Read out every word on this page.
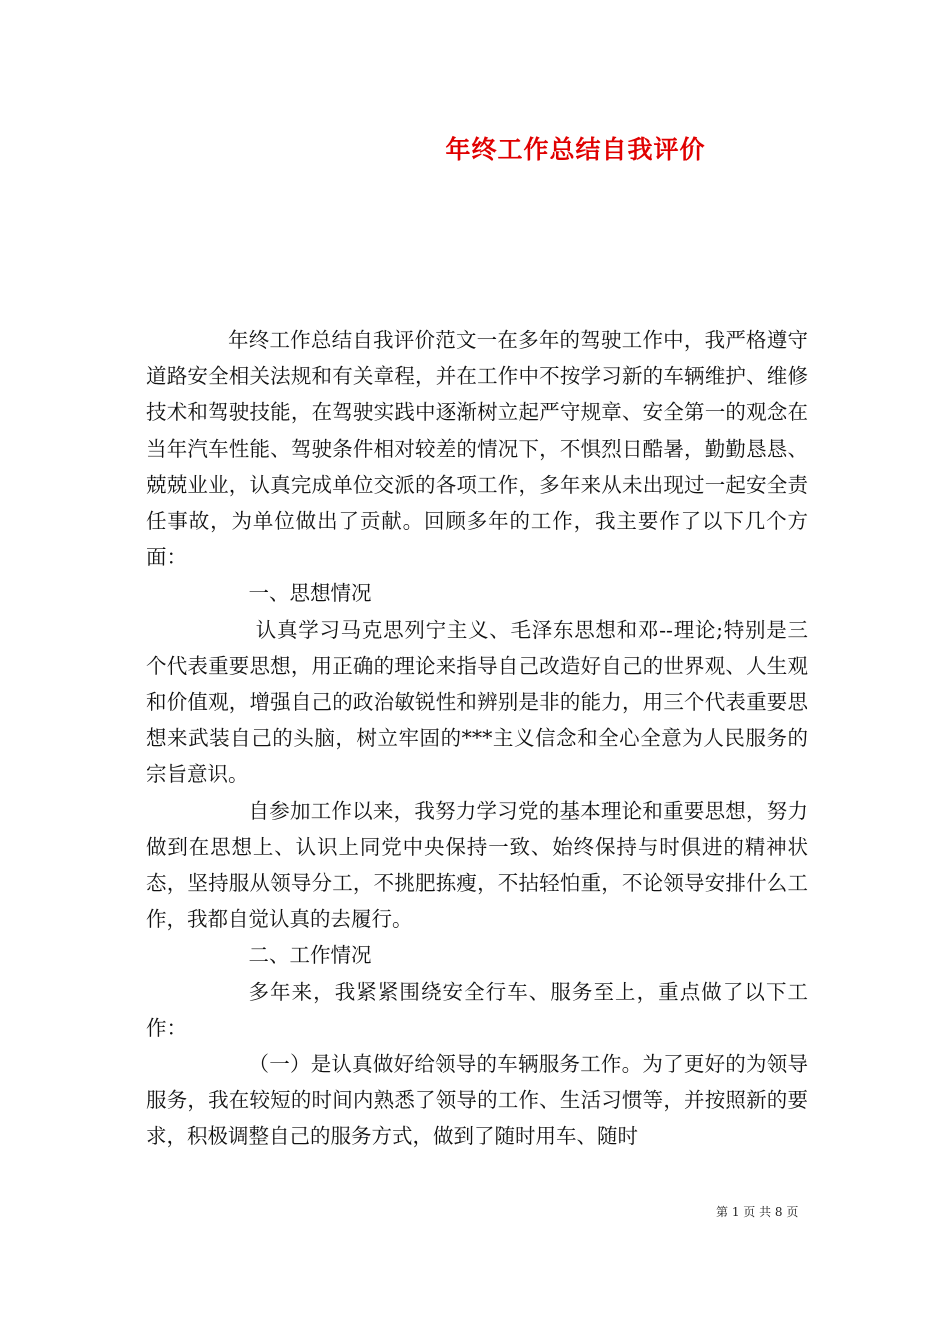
年终工作总结自我评价

年终工作总结自我评价范文一在多年的驾驶工作中，我严格遵守道路安全相关法规和有关章程，并在工作中不按学习新的车辆维护、维修技术和驾驶技能，在驾驶实践中逐渐树立起严守规章、安全第一的观念在当年汽车性能、驾驶条件相对较差的情况下，不惧烈日酷暑，勤勤恳恳、兢兢业业，认真完成单位交派的各项工作，多年来从未出现过一起安全责任事故，为单位做出了贡献。回顾多年的工作，我主要作了以下几个方面：

一、思想情况

认真学习马克思列宁主义、毛泽东思想和邓--理论;特别是三个代表重要思想，用正确的理论来指导自己改造好自己的世界观、人生观和价值观，增强自己的政治敏锐性和辨别是非的能力，用三个代表重要思想来武装自己的头脑，树立牢固的***主义信念和全心全意为人民服务的宗旨意识。

自参加工作以来，我努力学习党的基本理论和重要思想，努力做到在思想上、认识上同党中央保持一致、始终保持与时俱进的精神状态，坚持服从领导分工，不挑肥拣瘦，不拈轻怕重，不论领导安排什么工作，我都自觉认真的去履行。

二、工作情况

多年来，我紧紧围绕安全行车、服务至上，重点做了以下工作：

（一）是认真做好给领导的车辆服务工作。为了更好的为领导服务，我在较短的时间内熟悉了领导的工作、生活习惯等，并按照新的要求，积极调整自己的服务方式，做到了随时用车、随时

第 1 页 共 8 页
